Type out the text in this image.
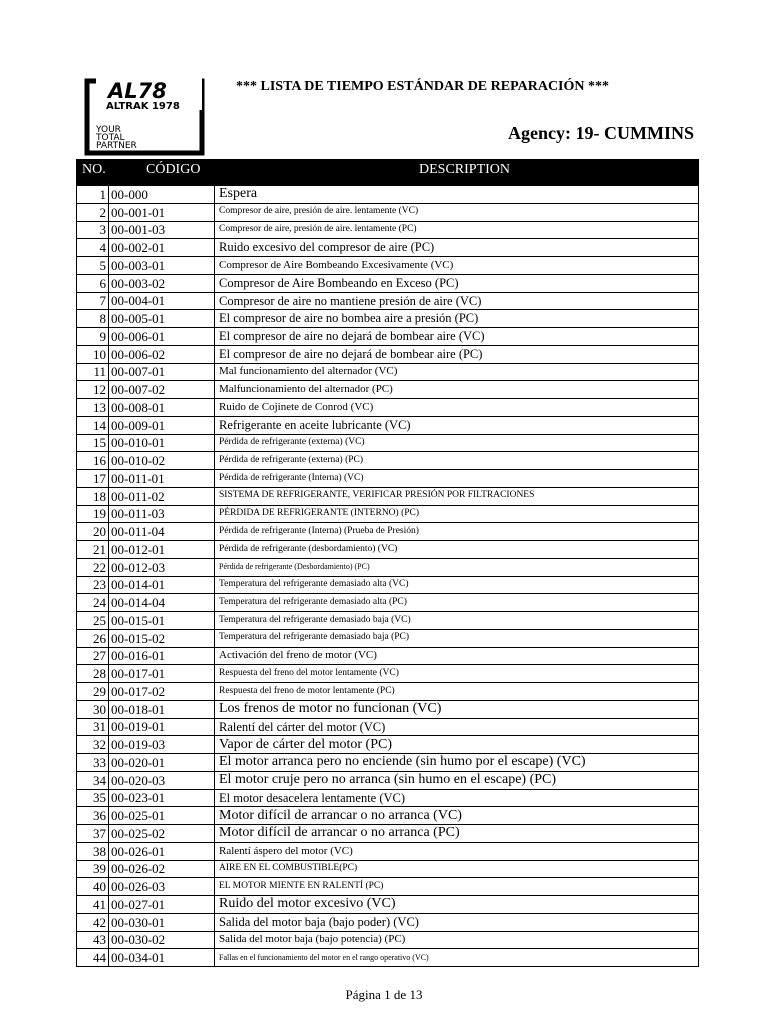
AL78
ALTRAK 1978
YOUR
TOTAL
PARTNER
*** LISTA DE TIEMPO ESTÁNDAR DE REPARACIÓN ***
Agency: 19- CUMMINS
NO.	CÓDIGO	DESCRIPTION
1 00-000	Espera
2 00-001-01	Compresor de aire, presión de aire. lentamente (VC)
3 00-001-03	Compresor de aire, presión de aire. lentamente (PC)
4 00-002-01	Ruido excesivo del compresor de aire (PC)
5 00-003-01	Compresor de Aire Bombeando Excesivamente (VC)
6 00-003-02	Compresor de Aire Bombeando en Exceso (PC)
7 00-004-01	Compresor de aire no mantiene presión de aire (VC)
8 00-005-01	El compresor de aire no bombea aire a presión (PC)
9 00-006-01	El compresor de aire no dejará de bombear aire (VC)
10 00-006-02	El compresor de aire no dejará de bombear aire (PC)
11 00-007-01	Mal funcionamiento del alternador (VC)
12 00-007-02	Malfuncionamiento del alternador (PC)
13 00-008-01	Ruido de Cojinete de Conrod (VC)
14 00-009-01	Refrigerante en aceite lubricante (VC)
15 00-010-01	Pérdida de refrigerante (externa) (VC)
16 00-010-02	Pérdida de refrigerante (externa) (PC)
17 00-011-01	Pérdida de refrigerante (Interna) (VC)
18 00-011-02	SISTEMA DE REFRIGERANTE, VERIFICAR PRESIÓN POR FILTRACIONES
19 00-011-03	PÉRDIDA DE REFRIGERANTE (INTERNO) (PC)
20 00-011-04	Pérdida de refrigerante (Interna) (Prueba de Presión)
21 00-012-01	Pérdida de refrigerante (desbordamiento) (VC)
22 00-012-03	Pérdida de refrigerante (Desbordamiento) (PC)
23 00-014-01	Temperatura del refrigerante demasiado alta (VC)
24 00-014-04	Temperatura del refrigerante demasiado alta (PC)
25 00-015-01	Temperatura del refrigerante demasiado baja (VC)
26 00-015-02	Temperatura del refrigerante demasiado baja (PC)
27 00-016-01	Activación del freno de motor (VC)
28 00-017-01	Respuesta del freno del motor lentamente (VC)
29 00-017-02	Respuesta del freno de motor lentamente (PC)
30 00-018-01	Los frenos de motor no funcionan (VC)
31 00-019-01	Ralentí del cárter del motor (VC)
32 00-019-03	Vapor de cárter del motor (PC)
33 00-020-01	El motor arranca pero no enciende (sin humo por el escape) (VC)
34 00-020-03	El motor cruje pero no arranca (sin humo en el escape) (PC)
35 00-023-01	El motor desacelera lentamente (VC)
36 00-025-01	Motor difícil de arrancar o no arranca (VC)
37 00-025-02	Motor difícil de arrancar o no arranca (PC)
38 00-026-01	Ralentí áspero del motor (VC)
39 00-026-02	AIRE EN EL COMBUSTIBLE(PC)
40 00-026-03	EL MOTOR MIENTE EN RALENTÍ (PC)
41 00-027-01	Ruido del motor excesivo (VC)
42 00-030-01	Salida del motor baja (bajo poder) (VC)
43 00-030-02	Salida del motor baja (bajo potencia) (PC)
44 00-034-01	Fallas en el funcionamiento del motor en el rango operativo (VC)
Página 1 de 13
